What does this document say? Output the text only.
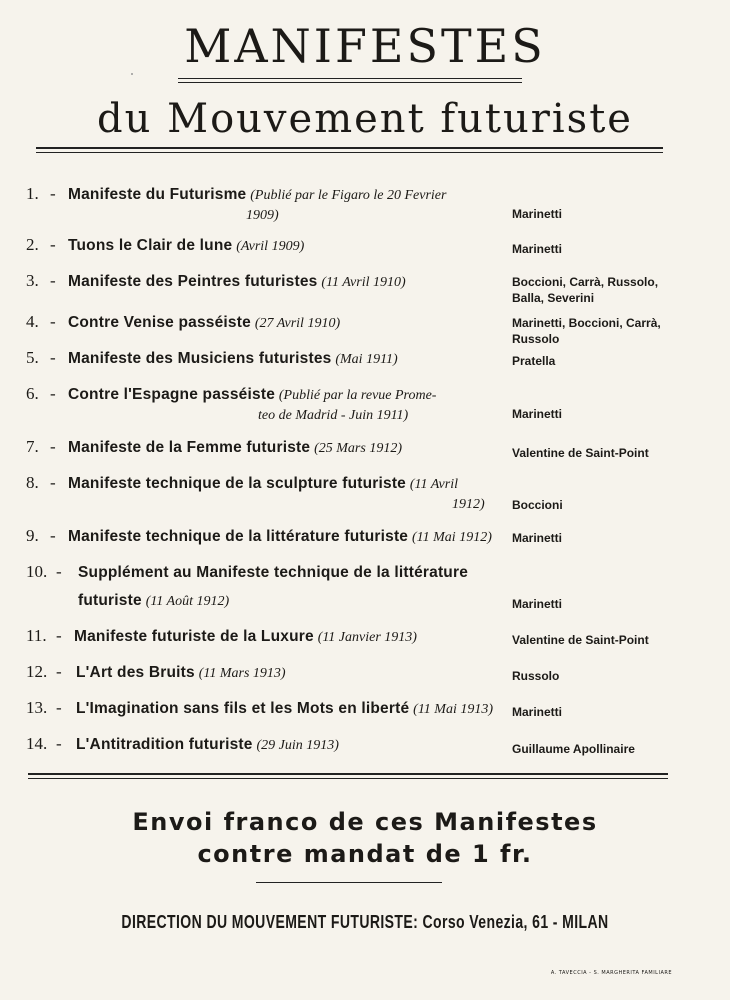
MANIFESTES
du Mouvement futuriste
1. - Manifeste du Futurisme (Publié par le Figaro le 20 Fevrier
1909)	Marinetti
2. - Tuons le Clair de lune (Avril 1909)	Marinetti
3. - Manifeste des Peintres futuristes (11 Avril 1910)	Boccioni, Carrà, Russolo,
Balla, Severini
4. - Contre Venise passéiste (27 Avril 1910)	Marinetti, Boccioni, Carrà,
Russolo
5. - Manifeste des Musiciens futuristes (Mai 1911)	Pratella
6. - Contre l'Espagne passéiste (Publié par la revue Prome-
teo de Madrid - Juin 1911)	Marinetti
7. - Manifeste de la Femme futuriste (25 Mars 1912)	Valentine de Saint-Point
8. - Manifeste technique de la sculpture futuriste (11 Avril
1912)	Boccioni
9. - Manifeste technique de la littérature futuriste (11 Mai 1912)	Marinetti
10. - Supplément au Manifeste technique de la littérature
futuriste (11 Août 1912)	Marinetti
11. - Manifeste futuriste de la Luxure (11 Janvier 1913)	Valentine de Saint-Point
12. - L'Art des Bruits (11 Mars 1913)	Russolo
13. - L'Imagination sans fils et les Mots en liberté (11 Mai 1913)	Marinetti
14. - L'Antitradition futuriste (29 Juin 1913)	Guillaume Apollinaire
Envoi franco de ces Manifestes
contre mandat de 1 fr.
DIRECTION DU MOUVEMENT FUTURISTE: Corso Venezia, 61 - MILAN
A. TAVECCIA - S. MARGHERITA FAMILIARE
